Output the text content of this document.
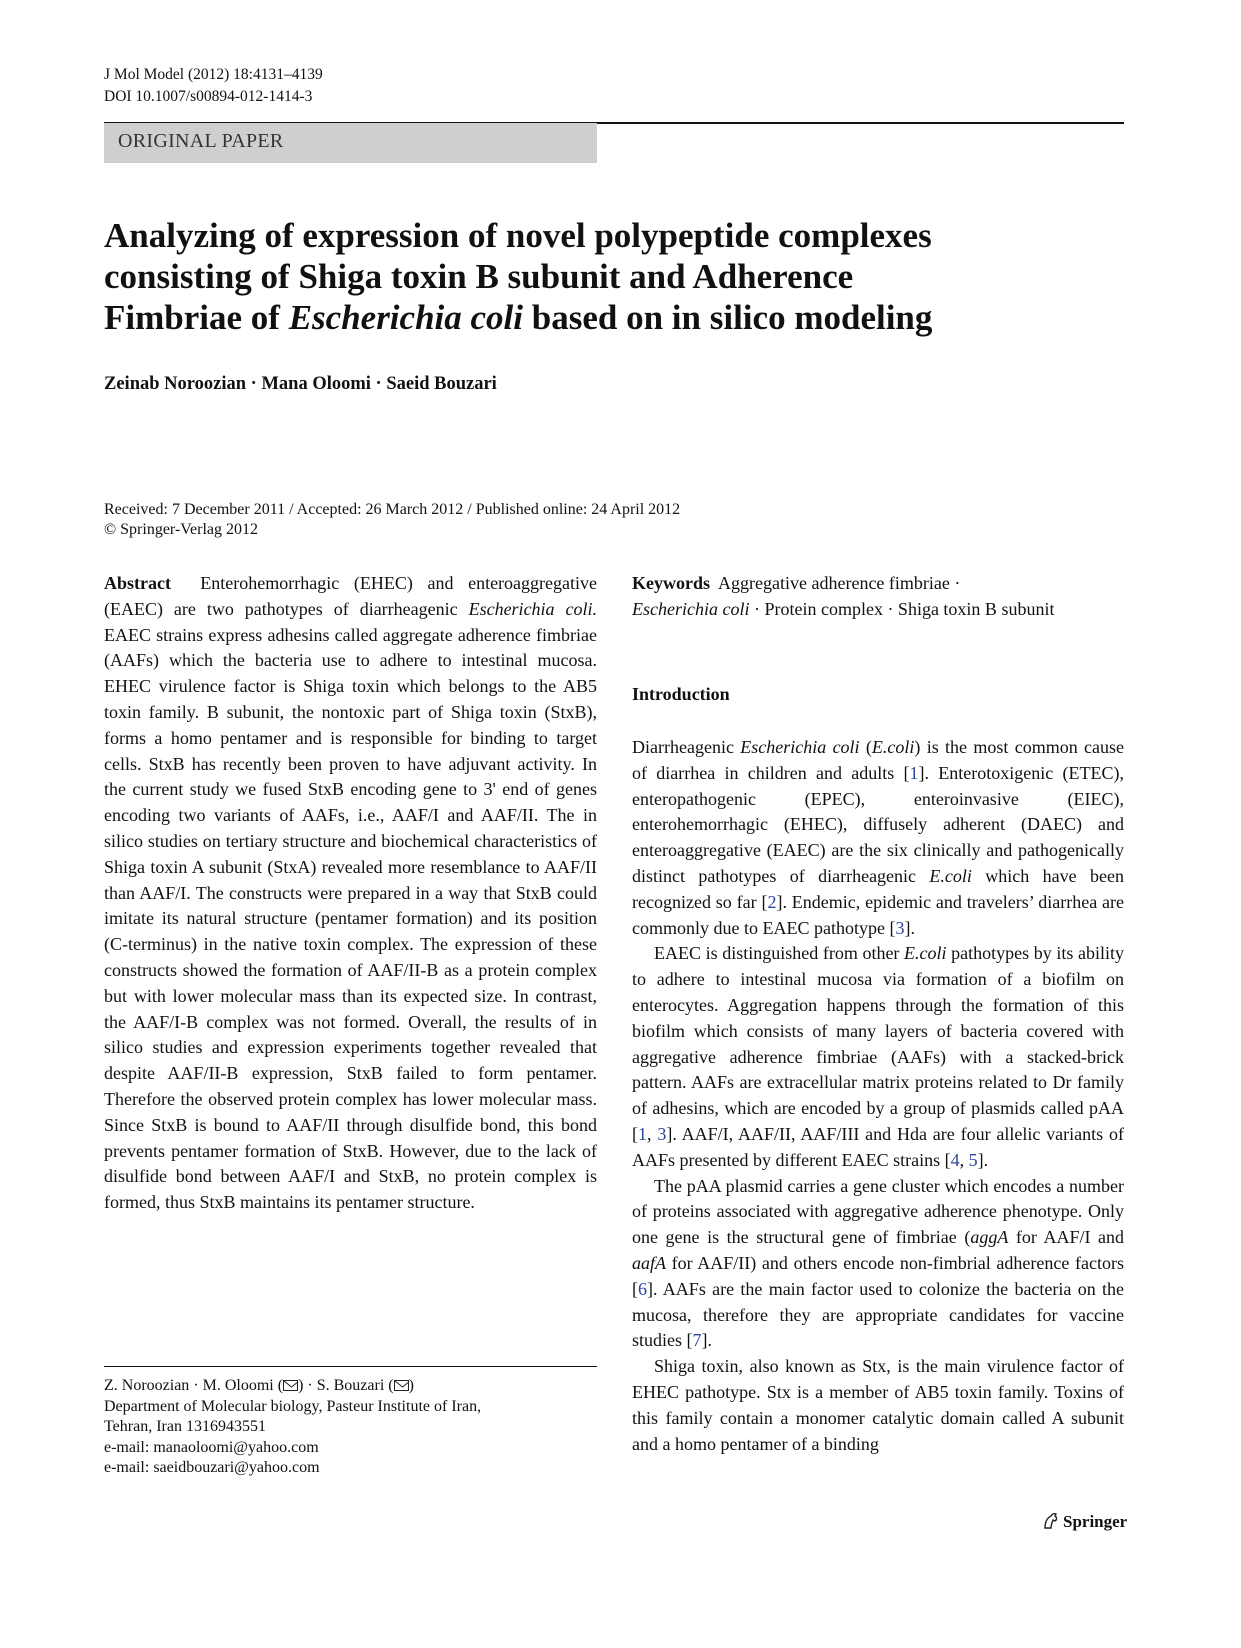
J Mol Model (2012) 18:4131–4139
DOI 10.1007/s00894-012-1414-3
ORIGINAL PAPER
Analyzing of expression of novel polypeptide complexes
consisting of Shiga toxin B subunit and Adherence
Fimbriae of Escherichia coli based on in silico modeling
Zeinab Noroozian · Mana Oloomi · Saeid Bouzari
Received: 7 December 2011 / Accepted: 26 March 2012 / Published online: 24 April 2012
© Springer-Verlag 2012

Abstract Enterohemorrhagic (EHEC) and enteroaggregative (EAEC) are two pathotypes of diarrheagenic Escherichia coli. EAEC strains express adhesins called aggregate adherence fimbriae (AAFs) which the bacteria use to adhere to intestinal mucosa. EHEC virulence factor is Shiga toxin which belongs to the AB5 toxin family. B subunit, the nontoxic part of Shiga toxin (StxB), forms a homo pentamer and is responsible for binding to target cells. StxB has recently been proven to have adjuvant activity. In the current study we fused StxB encoding gene to 3' end of genes encoding two variants of AAFs, i.e., AAF/I and AAF/II. The in silico studies on tertiary structure and biochemical characteristics of Shiga toxin A subunit (StxA) revealed more resemblance to AAF/II than AAF/I. The constructs were prepared in a way that StxB could imitate its natural structure (pentamer formation) and its position (C-terminus) in the native toxin complex. The expression of these constructs showed the formation of AAF/II-B as a protein complex but with lower molecular mass than its expected size. In contrast, the AAF/I-B complex was not formed. Overall, the results of in silico studies and expression experiments together revealed that despite AAF/II-B expression, StxB failed to form pentamer. Therefore the observed protein complex has lower molecular mass. Since StxB is bound to AAF/II through disulfide bond, this bond prevents pentamer formation of StxB. However, due to the lack of disulfide bond between AAF/I and StxB, no protein complex is formed, thus StxB maintains its pentamer structure.

Keywords Aggregative adherence fimbriae ·
Escherichia coli · Protein complex · Shiga toxin B subunit

Introduction

Diarrheagenic Escherichia coli (E.coli) is the most common cause of diarrhea in children and adults [1]. Enterotoxigenic (ETEC), enteropathogenic (EPEC), enteroinvasive (EIEC), enterohemorrhagic (EHEC), diffusely adherent (DAEC) and enteroaggregative (EAEC) are the six clinically and pathogenically distinct pathotypes of diarrheagenic E.coli which have been recognized so far [2]. Endemic, epidemic and travelers’ diarrhea are commonly due to EAEC pathotype [3].

EAEC is distinguished from other E.coli pathotypes by its ability to adhere to intestinal mucosa via formation of a biofilm on enterocytes. Aggregation happens through the formation of this biofilm which consists of many layers of bacteria covered with aggregative adherence fimbriae (AAFs) with a stacked-brick pattern. AAFs are extracellular matrix proteins related to Dr family of adhesins, which are encoded by a group of plasmids called pAA [1, 3]. AAF/I, AAF/II, AAF/III and Hda are four allelic variants of AAFs presented by different EAEC strains [4, 5].

The pAA plasmid carries a gene cluster which encodes a number of proteins associated with aggregative adherence phenotype. Only one gene is the structural gene of fimbriae (aggA for AAF/I and aafA for AAF/II) and others encode non-fimbrial adherence factors [6]. AAFs are the main factor used to colonize the bacteria on the mucosa, therefore they are appropriate candidates for vaccine studies [7].

Shiga toxin, also known as Stx, is the main virulence factor of EHEC pathotype. Stx is a member of AB5 toxin family. Toxins of this family contain a monomer catalytic domain called A subunit and a homo pentamer of a binding

Z. Noroozian · M. Oloomi ( ) · S. Bouzari ( )
Department of Molecular biology, Pasteur Institute of Iran,
Tehran, Iran 1316943551
e-mail: manaoloomi@yahoo.com
e-mail: saeidbouzari@yahoo.com
Springer
